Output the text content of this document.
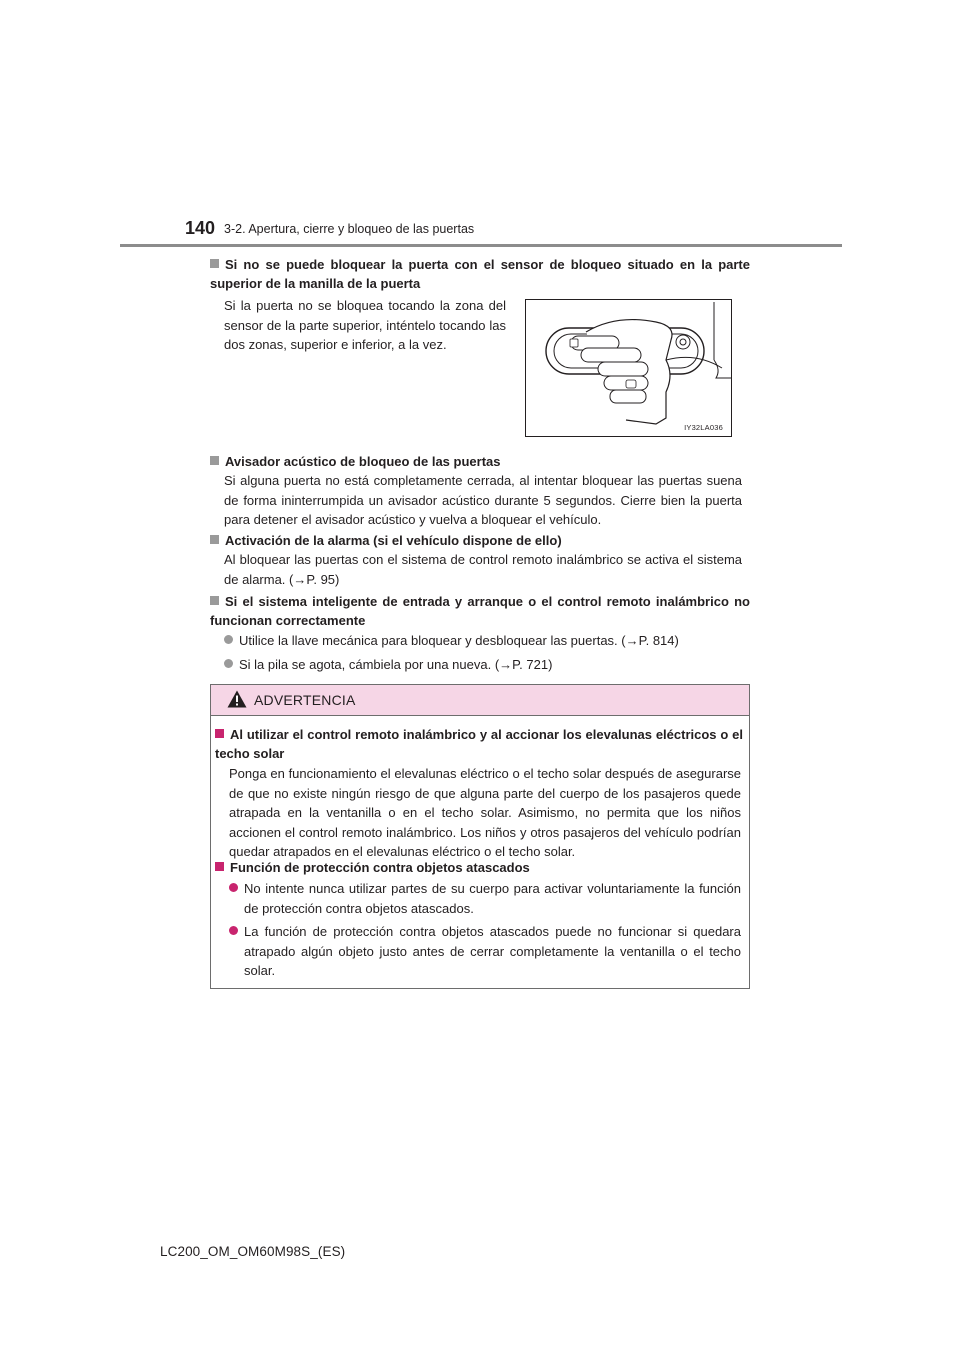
140 3-2. Apertura, cierre y bloqueo de las puertas
Si no se puede bloquear la puerta con el sensor de bloqueo situado en la parte superior de la manilla de la puerta
Si la puerta no se bloquea tocando la zona del sensor de la parte superior, inténtelo tocando las dos zonas, superior e inferior, a la vez.
IY32LA036
Avisador acústico de bloqueo de las puertas
Si alguna puerta no está completamente cerrada, al intentar bloquear las puertas suena de forma ininterrumpida un avisador acústico durante 5 segundos. Cierre bien la puerta para detener el avisador acústico y vuelva a bloquear el vehículo.
Activación de la alarma (si el vehículo dispone de ello)
Al bloquear las puertas con el sistema de control remoto inalámbrico se activa el sistema de alarma. (→P. 95)
Si el sistema inteligente de entrada y arranque o el control remoto inalámbrico no funcionan correctamente
Utilice la llave mecánica para bloquear y desbloquear las puertas. (→P. 814)
Si la pila se agota, cámbiela por una nueva. (→P. 721)
ADVERTENCIA
Al utilizar el control remoto inalámbrico y al accionar los elevalunas eléctricos o el techo solar
Ponga en funcionamiento el elevalunas eléctrico o el techo solar después de asegurarse de que no existe ningún riesgo de que alguna parte del cuerpo de los pasajeros quede atrapada en la ventanilla o en el techo solar. Asimismo, no permita que los niños accionen el control remoto inalámbrico. Los niños y otros pasajeros del vehículo podrían quedar atrapados en el elevalunas eléctrico o el techo solar.
Función de protección contra objetos atascados
No intente nunca utilizar partes de su cuerpo para activar voluntariamente la función de protección contra objetos atascados.
La función de protección contra objetos atascados puede no funcionar si quedara atrapado algún objeto justo antes de cerrar completamente la ventanilla o el techo solar.
LC200_OM_OM60M98S_(ES)
